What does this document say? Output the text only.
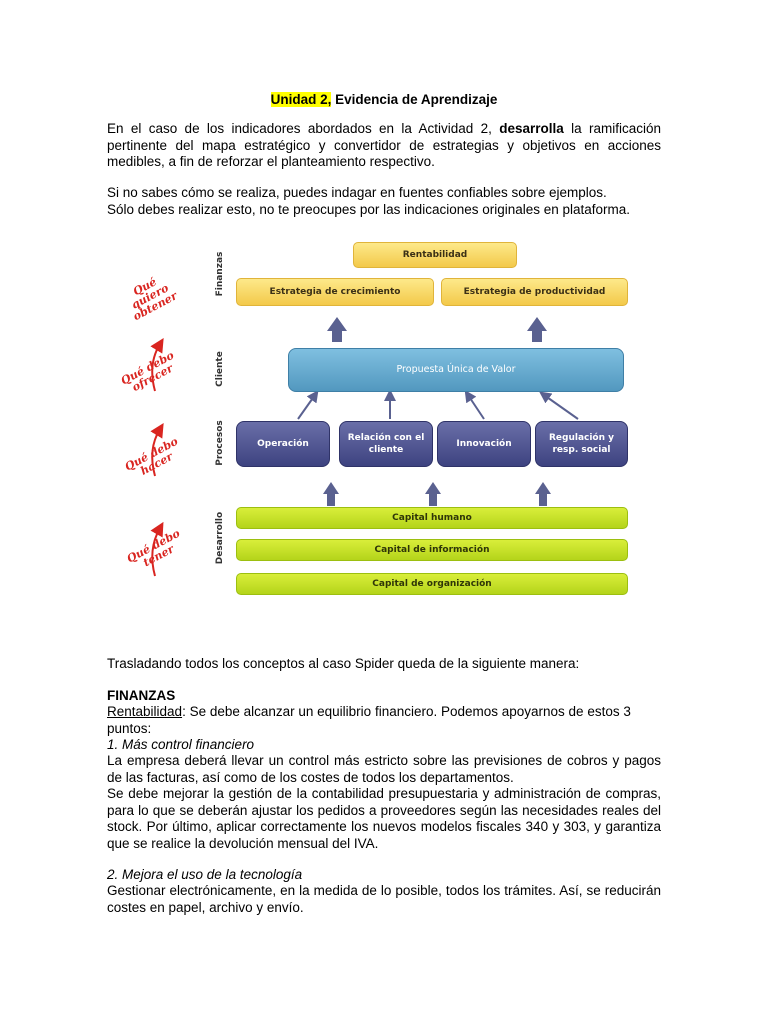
Unidad 2, Evidencia de Aprendizaje
En el caso de los indicadores abordados en la Actividad 2, desarrolla la ramificación pertinente del mapa estratégico y convertidor de estrategias y objetivos en acciones medibles, a fin de reforzar el planteamiento respectivo.
Si no sabes cómo se realiza, puedes indagar en fuentes confiables sobre ejemplos.
Sólo debes realizar esto, no te preocupes por las indicaciones originales en plataforma.
Qué quiero obtener
Qué debo ofrecer
Qué debo hacer
Qué debo tener
Finanzas
Cliente
Procesos
Desarrollo
Rentabilidad
Estrategia de crecimiento	Estrategia de productividad
Propuesta Única de Valor
Operación
Relación con el cliente
Innovación
Regulación y resp. social
Capital humano
Capital de información
Capital de organización
Trasladando todos los conceptos al caso Spider queda de la siguiente manera:
FINANZAS
Rentabilidad: Se debe alcanzar un equilibrio financiero. Podemos apoyarnos de estos 3 puntos:
1. Más control financiero
La empresa deberá llevar un control más estricto sobre las previsiones de cobros y pagos de las facturas, así como de los costes de todos los departamentos.
Se debe mejorar la gestión de la contabilidad presupuestaria y administración de compras, para lo que se deberán ajustar los pedidos a proveedores según las necesidades reales del stock. Por último, aplicar correctamente los nuevos modelos fiscales 340 y 303, y garantiza que se realice la devolución mensual del IVA.
2. Mejora el uso de la tecnología
Gestionar electrónicamente, en la medida de lo posible, todos los trámites. Así, se reducirán costes en papel, archivo y envío.
